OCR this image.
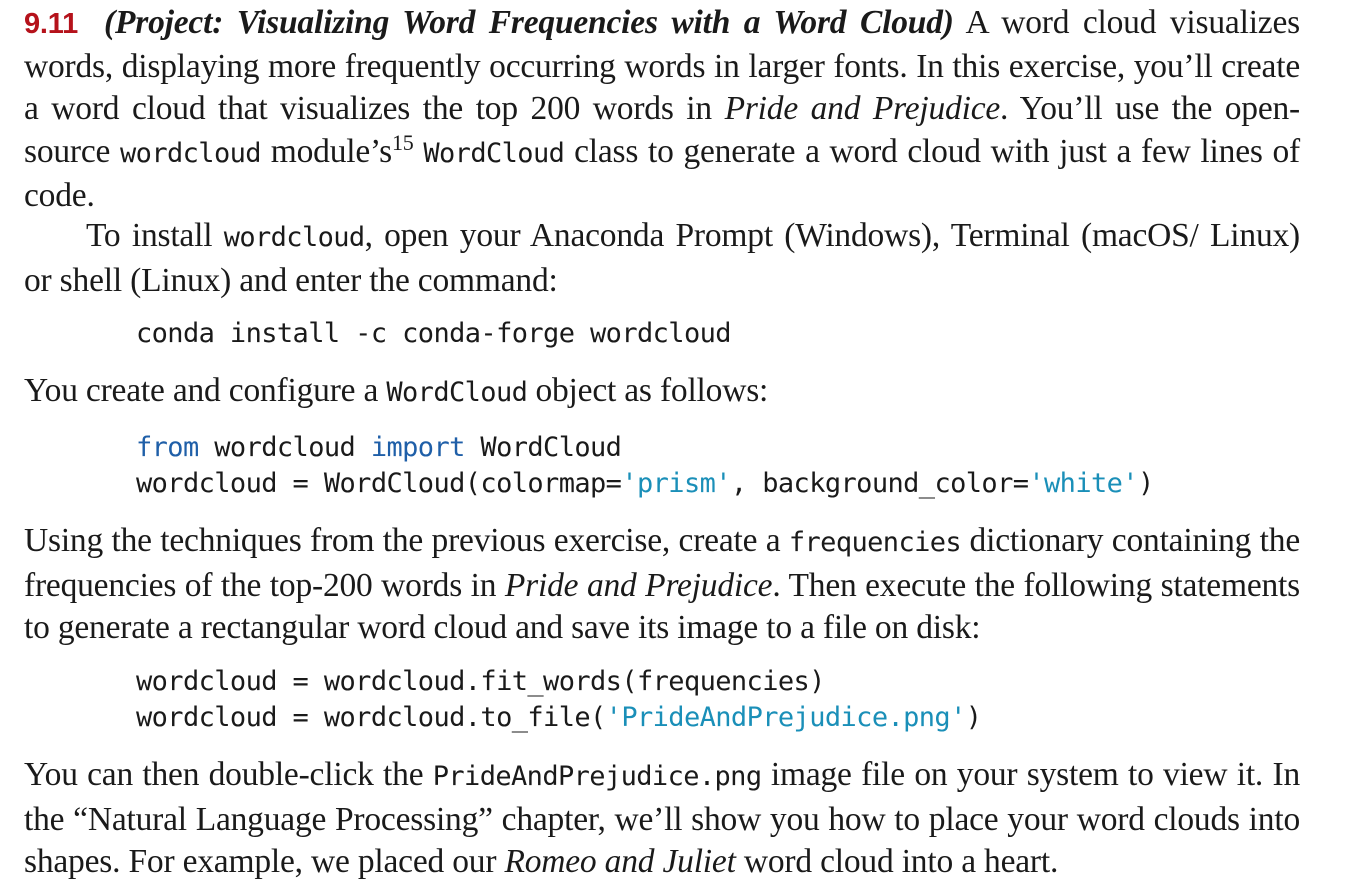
9.11 (Project: Visualizing Word Frequencies with a Word Cloud) A word cloud visualizes words, displaying more frequently occurring words in larger fonts. In this exercise, you’ll create a word cloud that visualizes the top 200 words in Pride and Prejudice. You’ll use the open-source wordcloud module’s$^{15}$ WordCloud class to generate a word cloud with just a few lines of code.

To install wordcloud, open your Anaconda Prompt (Windows), Terminal (macOS/ Linux) or shell (Linux) and enter the command:

conda install -c conda-forge wordcloud

You create and configure a WordCloud object as follows:

from wordcloud import WordCloud
wordcloud = WordCloud(colormap='prism', background_color='white')

Using the techniques from the previous exercise, create a frequencies dictionary containing the frequencies of the top-200 words in Pride and Prejudice. Then execute the following statements to generate a rectangular word cloud and save its image to a file on disk:

wordcloud = wordcloud.fit_words(frequencies)
wordcloud = wordcloud.to_file('PrideAndPrejudice.png')

You can then double-click the PrideAndPrejudice.png image file on your system to view it. In the “Natural Language Processing” chapter, we’ll show you how to place your word clouds into shapes. For example, we placed our Romeo and Juliet word cloud into a heart.
